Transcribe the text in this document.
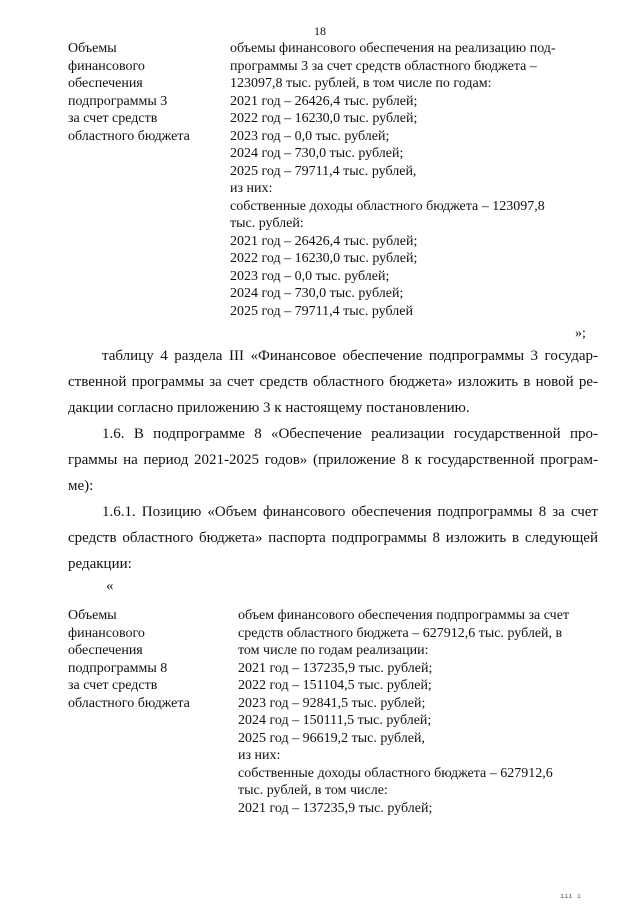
18
Объемы
финансового
обеспечения
подпрограммы 3
за счет средств
областного бюджета
объемы финансового обеспечения на реализацию под-
программы 3 за счет средств областного бюджета –
123097,8 тыс. рублей, в том числе по годам:
2021 год – 26426,4 тыс. рублей;
2022 год – 16230,0 тыс. рублей;
2023 год – 0,0 тыс. рублей;
2024 год – 730,0 тыс. рублей;
2025 год – 79711,4 тыс. рублей,
из них:
собственные доходы областного бюджета – 123097,8
тыс. рублей:
2021 год – 26426,4 тыс. рублей;
2022 год – 16230,0 тыс. рублей;
2023 год – 0,0 тыс. рублей;
2024 год – 730,0 тыс. рублей;
2025 год – 79711,4 тыс. рублей
»;
таблицу 4 раздела III «Финансовое обеспечение подпрограммы 3 государ-
ственной программы за счет средств областного бюджета» изложить в новой ре-
дакции согласно приложению 3 к настоящему постановлению.
1.6. В подпрограмме 8 «Обеспечение реализации государственной про-
граммы на период 2021-2025 годов» (приложение 8 к государственной програм-
ме):
1.6.1. Позицию «Объем финансового обеспечения подпрограммы 8 за счет
средств областного бюджета» паспорта подпрограммы 8 изложить в следующей
редакции:
«
Объемы
финансового
обеспечения
подпрограммы 8
за счет средств
областного бюджета
объем финансового обеспечения подпрограммы за счет
средств областного бюджета – 627912,6 тыс. рублей, в
том числе по годам реализации:
2021 год – 137235,9 тыс. рублей;
2022 год – 151104,5 тыс. рублей;
2023 год – 92841,5 тыс. рублей;
2024 год – 150111,5 тыс. рублей;
2025 год – 96619,2 тыс. рублей,
из них:
собственные доходы областного бюджета – 627912,6
тыс. рублей, в том числе:
2021 год – 137235,9 тыс. рублей;
ııı ı
